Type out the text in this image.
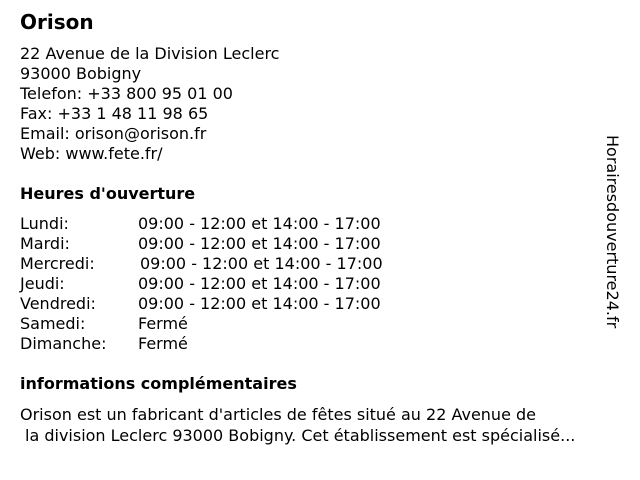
Orison
22 Avenue de la Division Leclerc
93000 Bobigny
Telefon: +33 800 95 01 00
Fax: +33 1 48 11 98 65
Email: orison@orison.fr
Web: www.fete.fr/
Heures d'ouverture
Lundi:	09:00 - 12:00 et 14:00 - 17:00
Mardi:	09:00 - 12:00 et 14:00 - 17:00
Mercredi:	09:00 - 12:00 et 14:00 - 17:00
Jeudi:	09:00 - 12:00 et 14:00 - 17:00
Vendredi:	09:00 - 12:00 et 14:00 - 17:00
Samedi:	Fermé
Dimanche: Fermé
informations complémentaires
Orison est un fabricant d'articles de fêtes situé au 22 Avenue de
la division Leclerc 93000 Bobigny. Cet établissement est spécialisé...
Horairesdouverture24.fr
